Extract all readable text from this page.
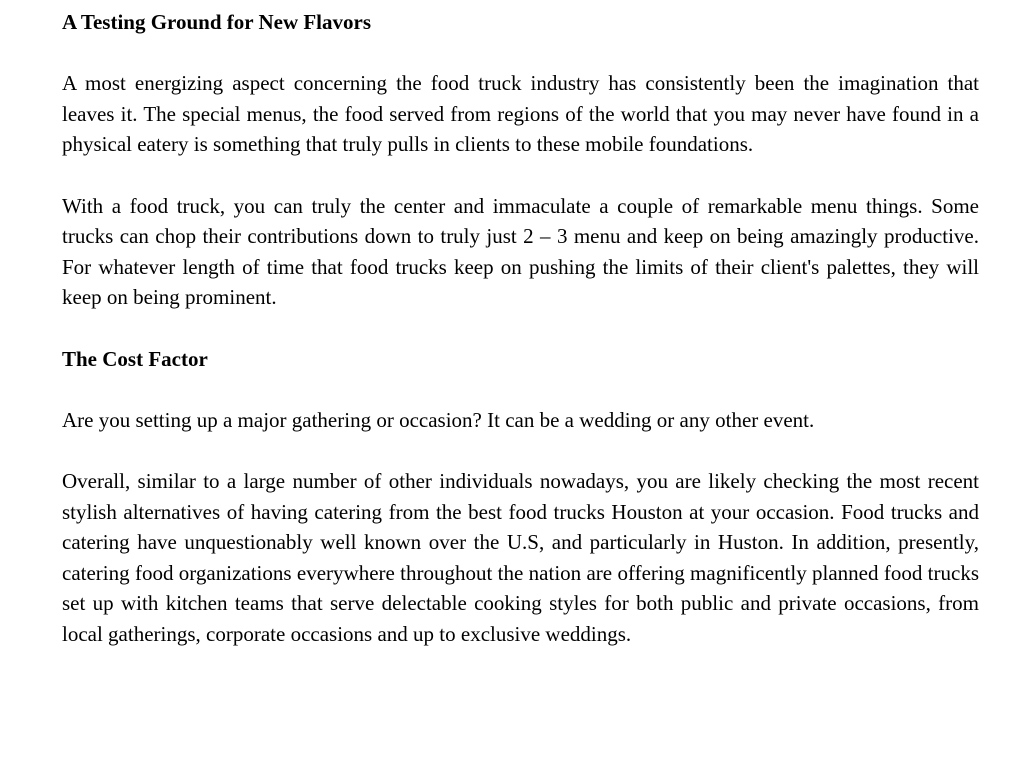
A Testing Ground for New Flavors

A most energizing aspect concerning the food truck industry has consistently been the imagination that leaves it. The special menus, the food served from regions of the world that you may never have found in a physical eatery is something that truly pulls in clients to these mobile foundations.

With a food truck, you can truly the center and immaculate a couple of remarkable menu things. Some trucks can chop their contributions down to truly just 2 – 3 menu and keep on being amazingly productive. For whatever length of time that food trucks keep on pushing the limits of their client's palettes, they will keep on being prominent.

The Cost Factor

Are you setting up a major gathering or occasion? It can be a wedding or any other event.

Overall, similar to a large number of other individuals nowadays, you are likely checking the most recent stylish alternatives of having catering from the best food trucks Houston at your occasion. Food trucks and catering have unquestionably well known over the U.S, and particularly in Huston. In addition, presently, catering food organizations everywhere throughout the nation are offering magnificently planned food trucks set up with kitchen teams that serve delectable cooking styles for both public and private occasions, from local gatherings, corporate occasions and up to exclusive weddings.
